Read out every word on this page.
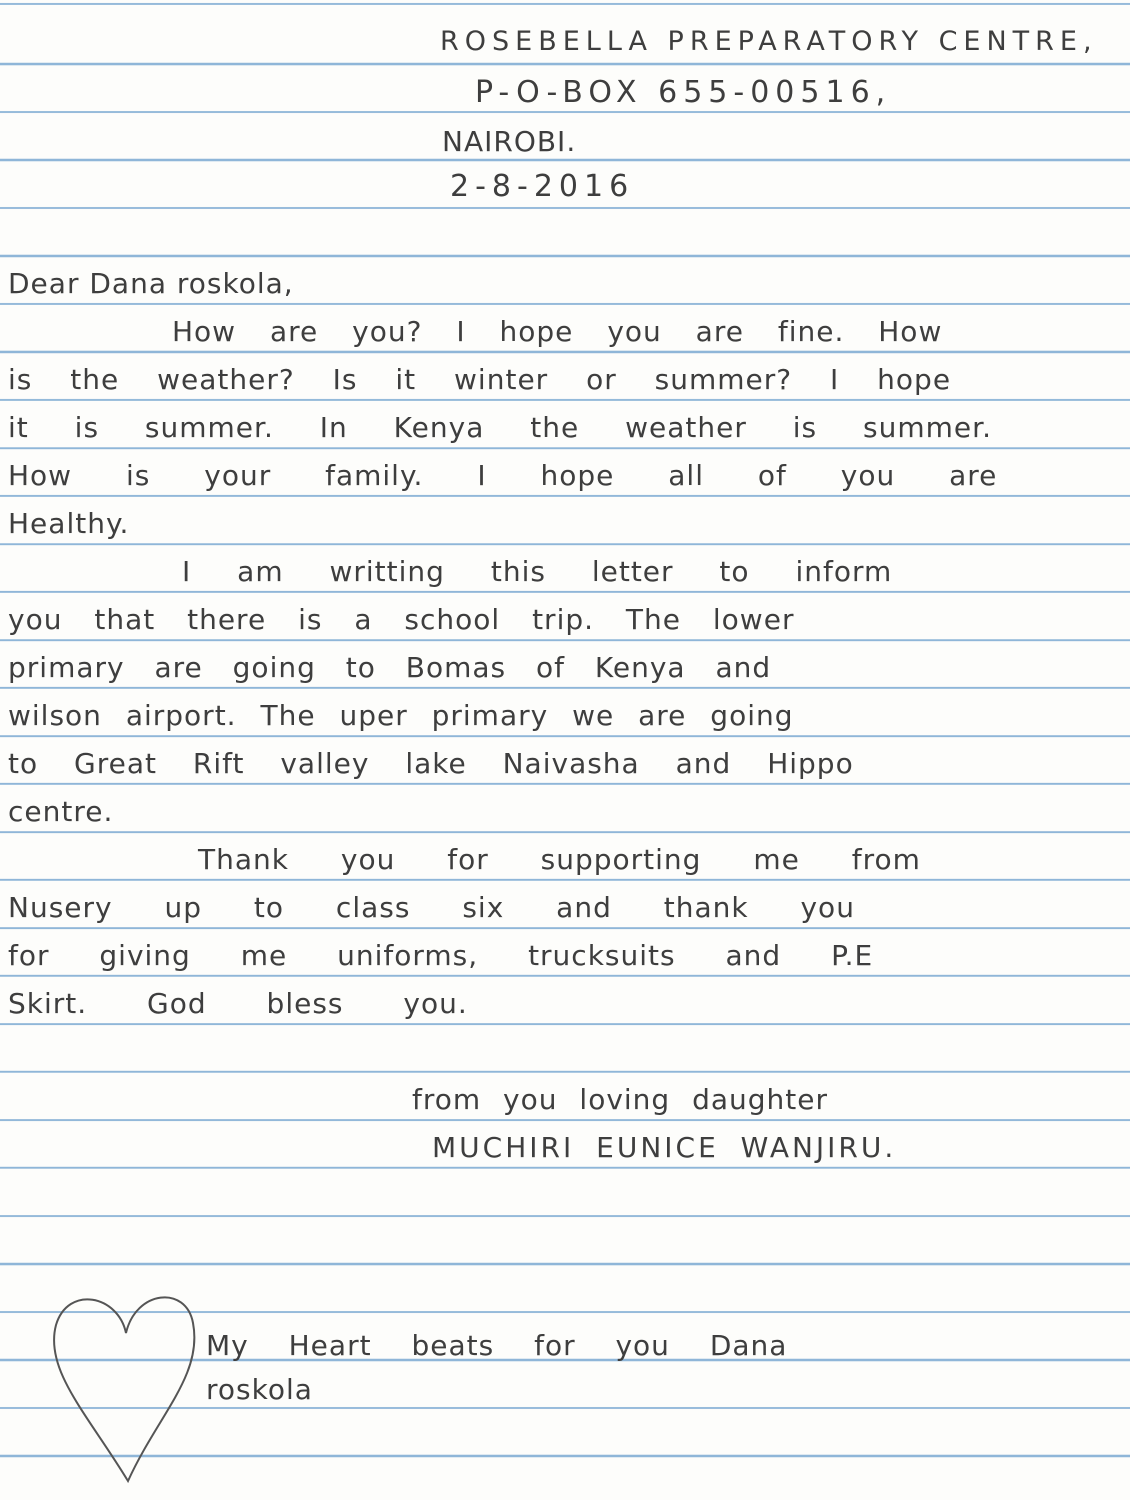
ROSEBELLA PREPARATORY CENTRE,
P-O-BOX 655-00516,
NAIROBI.
2-8-2016
Dear Dana roskola,
How are you? I hope you are fine. How
is the weather? Is it winter or summer? I hope
it is summer. In Kenya the weather is summer.
How is your family. I hope all of you are
Healthy.
I am writting this letter to inform
you that there is a school trip. The lower
primary are going to Bomas of Kenya and
wilson airport. The uper primary we are going
to Great Rift valley lake Naivasha and Hippo
centre.
Thank you for supporting me from
Nusery up to class six and thank you
for giving me uniforms, trucksuits and P.E
Skirt. God bless you.
from you loving daughter
MUCHIRI EUNICE WANJIRU.
My Heart beats for you Dana
roskola
